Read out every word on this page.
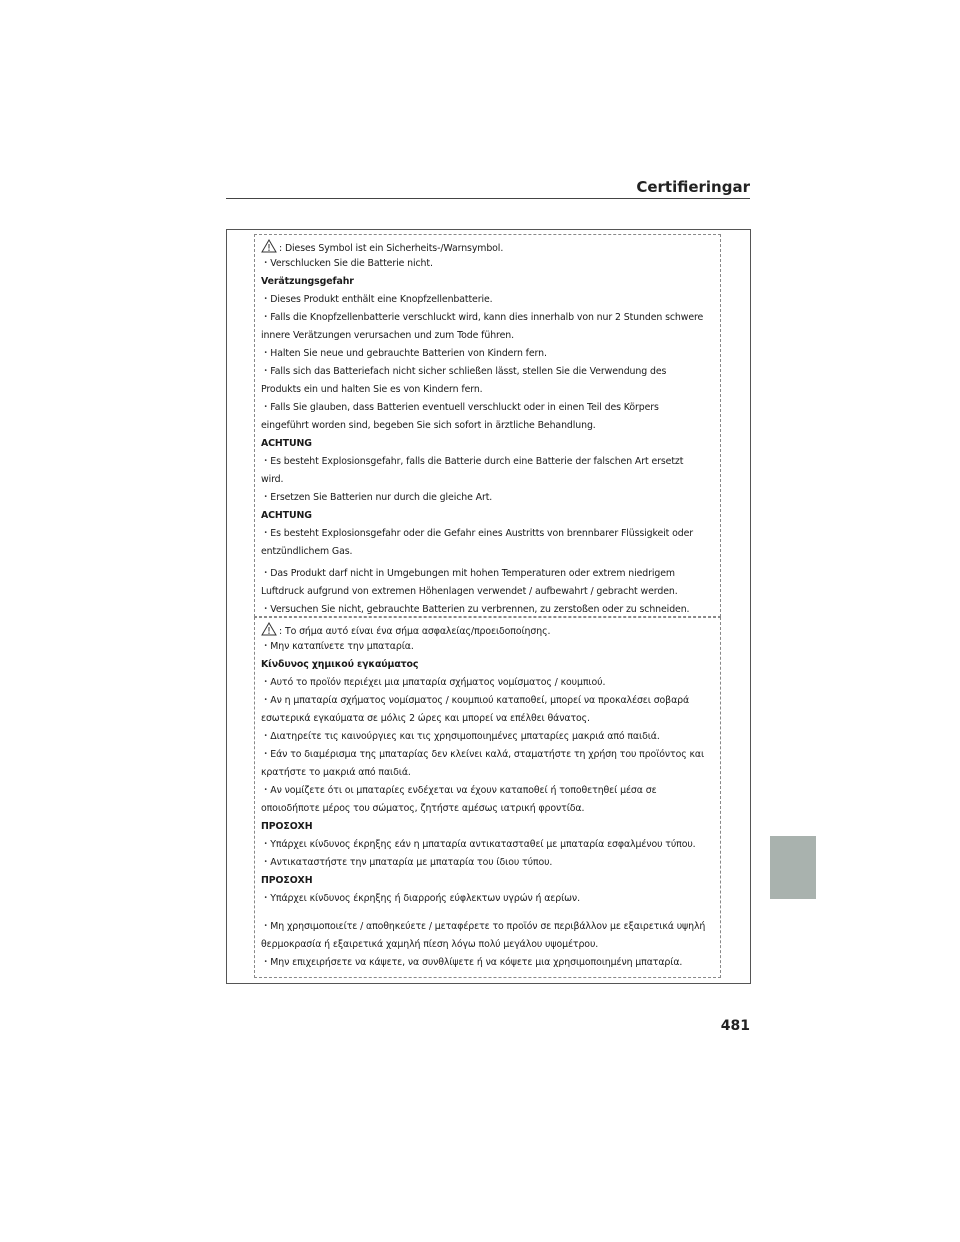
Certifieringar
: Dieses Symbol ist ein Sicherheits-/Warnsymbol.
・Verschlucken Sie die Batterie nicht.
Verätzungsgefahr
・Dieses Produkt enthält eine Knopfzellenbatterie.
・Falls die Knopfzellenbatterie verschluckt wird, kann dies innerhalb von nur 2 Stunden schwere
innere Verätzungen verursachen und zum Tode führen.
・Halten Sie neue und gebrauchte Batterien von Kindern fern.
・Falls sich das Batteriefach nicht sicher schließen lässt, stellen Sie die Verwendung des
Produkts ein und halten Sie es von Kindern fern.
・Falls Sie glauben, dass Batterien eventuell verschluckt oder in einen Teil des Körpers
eingeführt worden sind, begeben Sie sich sofort in ärztliche Behandlung.
ACHTUNG
・Es besteht Explosionsgefahr, falls die Batterie durch eine Batterie der falschen Art ersetzt
wird.
・Ersetzen Sie Batterien nur durch die gleiche Art.
ACHTUNG
・Es besteht Explosionsgefahr oder die Gefahr eines Austritts von brennbarer Flüssigkeit oder
entzündlichem Gas.
・Das Produkt darf nicht in Umgebungen mit hohen Temperaturen oder extrem niedrigem
Luftdruck aufgrund von extremen Höhenlagen verwendet / aufbewahrt / gebracht werden.
・Versuchen Sie nicht, gebrauchte Batterien zu verbrennen, zu zerstoßen oder zu schneiden.
: Το σήμα αυτό είναι ένα σήμα ασφαλείας/προειδοποίησης.
・Μην καταπίνετε την μπαταρία.
Κίνδυνος χημικού εγκαύματος
・Αυτό το προϊόν περιέχει μια μπαταρία σχήματος νομίσματος / κουμπιού.
・Αν η μπαταρία σχήματος νομίσματος / κουμπιού καταποθεί, μπορεί να προκαλέσει σοβαρά
εσωτερικά εγκαύματα σε μόλις 2 ώρες και μπορεί να επέλθει θάνατος.
・Διατηρείτε τις καινούργιες και τις χρησιμοποιημένες μπαταρίες μακριά από παιδιά.
・Εάν το διαμέρισμα της μπαταρίας δεν κλείνει καλά, σταματήστε τη χρήση του προϊόντος και
κρατήστε το μακριά από παιδιά.
・Αν νομίζετε ότι οι μπαταρίες ενδέχεται να έχουν καταποθεί ή τοποθετηθεί μέσα σε
οποιοδήποτε μέρος του σώματος, ζητήστε αμέσως ιατρική φροντίδα.
ΠΡΟΣΟΧΗ
・Υπάρχει κίνδυνος έκρηξης εάν η μπαταρία αντικατασταθεί με μπαταρία εσφαλμένου τύπου.
・Αντικαταστήστε την μπαταρία με μπαταρία του ίδιου τύπου.
ΠΡΟΣΟΧΗ
・Υπάρχει κίνδυνος έκρηξης ή διαρροής εύφλεκτων υγρών ή αερίων.
・Μη χρησιμοποιείτε / αποθηκεύετε / μεταφέρετε το προϊόν σε περιβάλλον με εξαιρετικά υψηλή
θερμοκρασία ή εξαιρετικά χαμηλή πίεση λόγω πολύ μεγάλου υψομέτρου.
・Μην επιχειρήσετε να κάψετε, να συνθλίψετε ή να κόψετε μια χρησιμοποιημένη μπαταρία.
481
